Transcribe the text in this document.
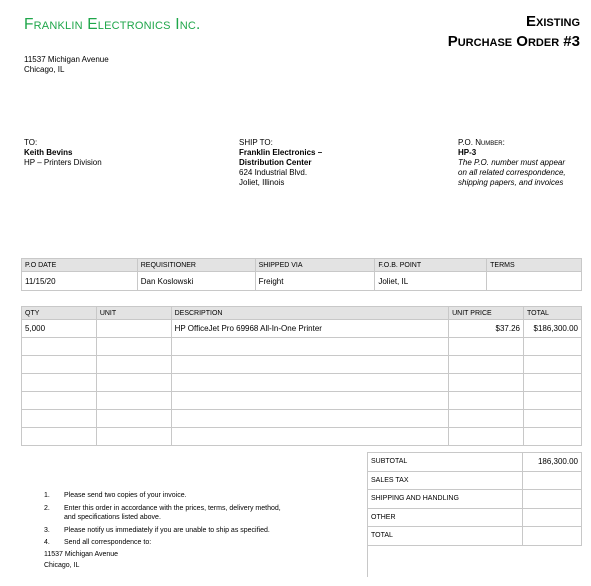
Franklin Electronics Inc.	Existing
Purchase Order #3
11537 Michigan Avenue
Chicago, IL
TO:
Keith Bevins
HP – Printers Division
SHIP TO:
Franklin Electronics –
Distribution Center
624 Industrial Blvd.
Joliet, Illinois
P.O. Number:
HP-3
The P.O. number must appear
on all related correspondence,
shipping papers, and invoices
P.O DATE	REQUISITIONER	SHIPPED VIA	F.O.B. POINT	TERMS
11/15/20	Dan Koslowski	Freight	Joliet, IL	
QTY	UNIT	DESCRIPTION	UNIT PRICE	TOTAL
5,000		HP OfficeJet Pro 69968 All-In-One Printer	$37.26	$186,300.00

SUBTOTAL	186,300.00
SALES TAX	
SHIPPING AND HANDLING	
OTHER	
TOTAL	

1.	Please send two copies of your invoice.
2.	Enter this order in accordance with the prices, terms, delivery method, and specifications listed above.
3.	Please notify us immediately if you are unable to ship as specified.
4.	Send all correspondence to:
11537 Michigan Avenue
Chicago, IL
